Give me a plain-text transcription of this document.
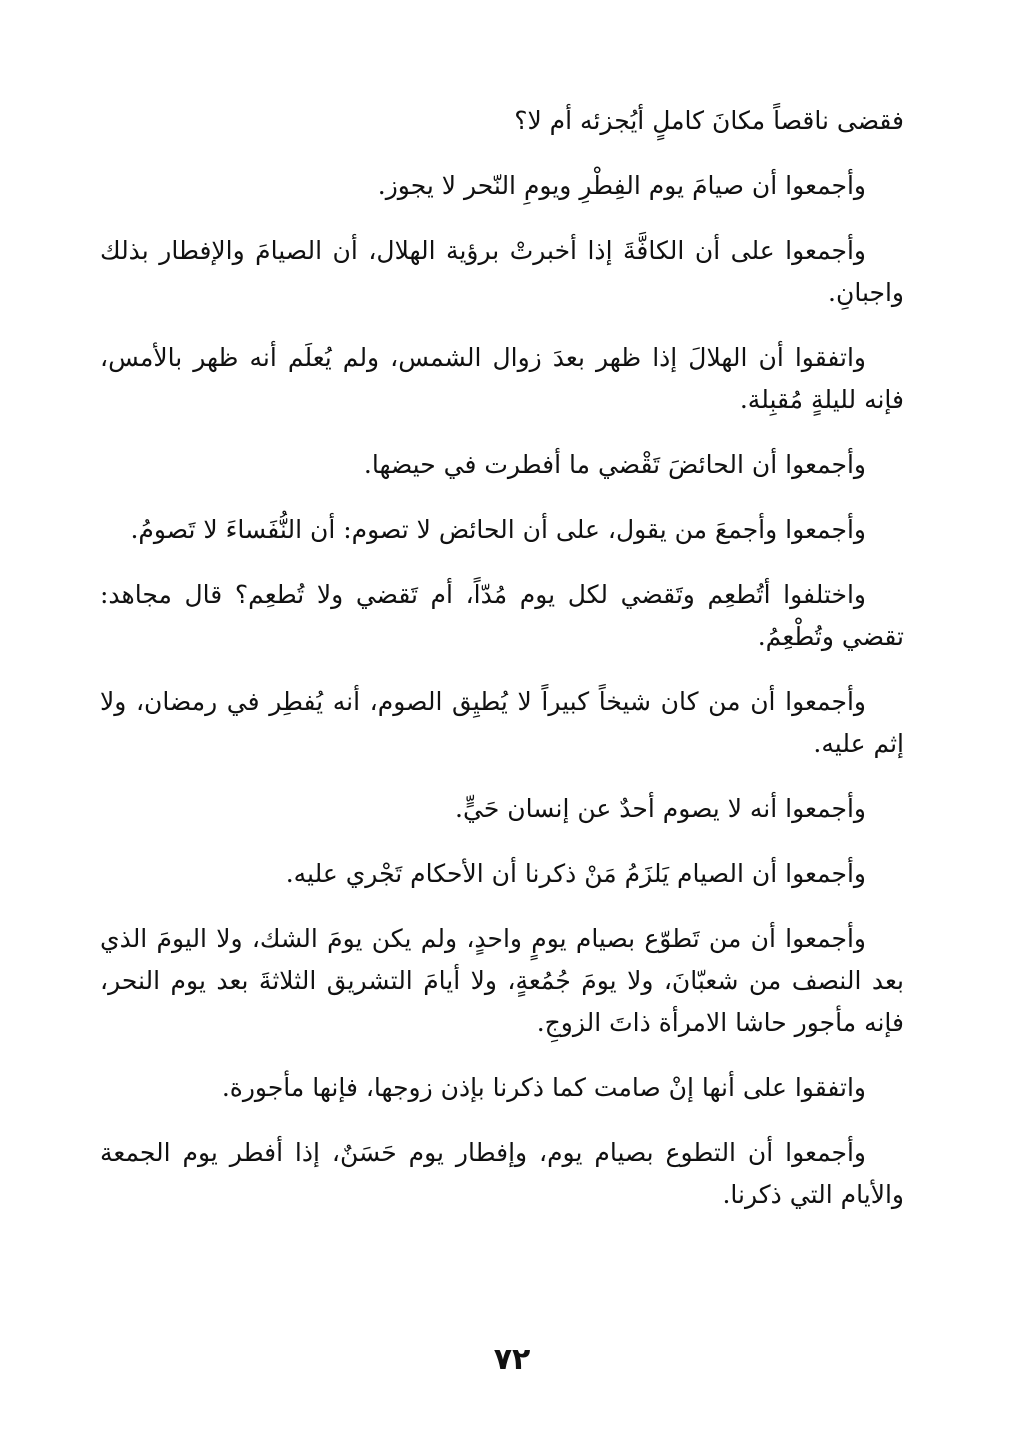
فقضى ناقصاً مكانَ كاملٍ أيُجزئه أم لا؟

وأجمعوا أن صيامَ يوم الفِطْرِ ويومِ النّحر لا يجوز.

وأجمعوا على أن الكافَّةَ إذا أخبرتْ برؤية الهلال، أن الصيامَ والإفطار بذلك واجبانِ.

واتفقوا أن الهلالَ إذا ظهر بعدَ زوال الشمس، ولم يُعلَم أنه ظهر بالأمس، فإنه لليلةٍ مُقبِلة.

وأجمعوا أن الحائضَ تَقْضي ما أفطرت في حيضها.

وأجمعوا وأجمعَ من يقول، على أن الحائض لا تصوم: أن النُّفَساءَ لا تَصومُ.

واختلفوا أتُطعِم وتَقضي لكل يوم مُدّاً، أم تَقضي ولا تُطعِم؟ قال مجاهد: تقضي وتُطْعِمُ.

وأجمعوا أن من كان شيخاً كبيراً لا يُطيِق الصوم، أنه يُفطِر في رمضان، ولا إثم عليه.

وأجمعوا أنه لا يصوم أحدٌ عن إنسان حَيٍّ.

وأجمعوا أن الصيام يَلزَمُ مَنْ ذكرنا أن الأحكام تَجْري عليه.

وأجمعوا أن من تَطوّع بصيام يومٍ واحدٍ، ولم يكن يومَ الشك، ولا اليومَ الذي بعد النصف من شعبّانَ، ولا يومَ جُمُعةٍ، ولا أيامَ التشريق الثلاثةَ بعد يوم النحر، فإنه مأجور حاشا الامرأة ذاتَ الزوجِ.

واتفقوا على أنها إنْ صامت كما ذكرنا بإذن زوجها، فإنها مأجورة.

وأجمعوا أن التطوع بصيام يوم، وإفطار يوم حَسَنٌ، إذا أفطر يوم الجمعة والأيام التي ذكرنا.

٧٢
